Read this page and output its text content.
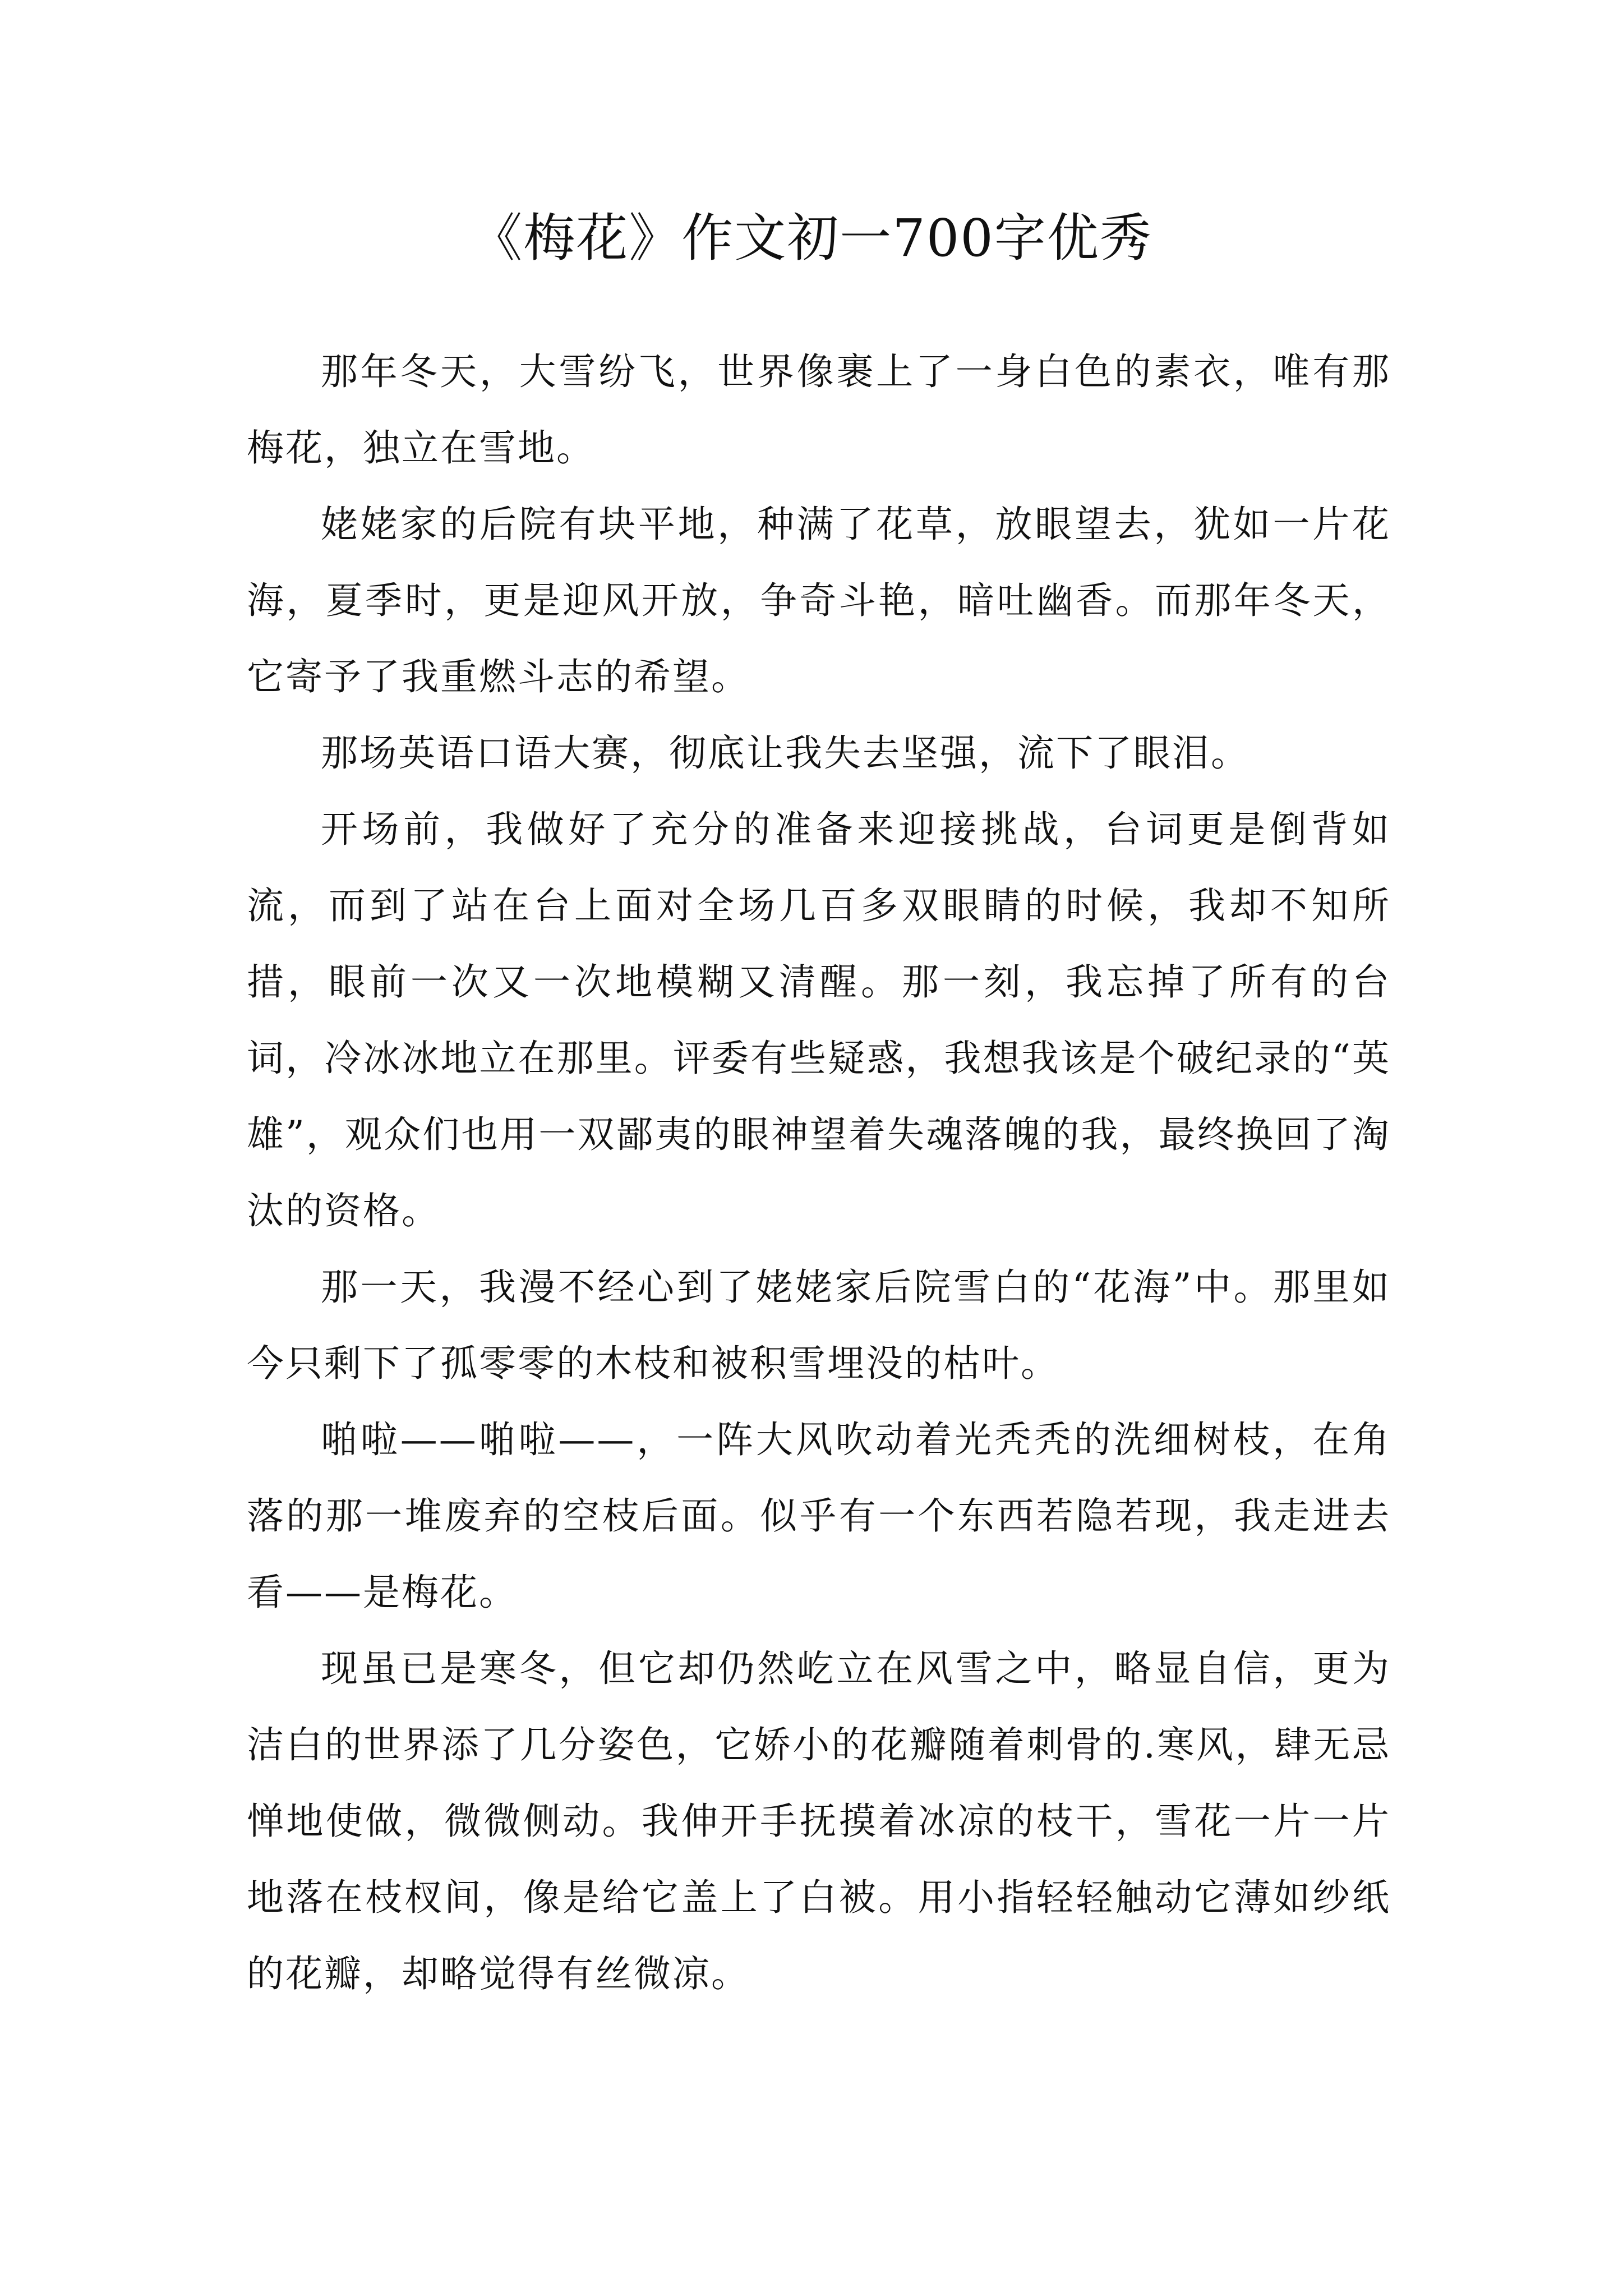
《梅花》作文初一700字优秀

那年冬天，大雪纷飞，世界像裹上了一身白色的素衣，唯有那梅花，独立在雪地。

姥姥家的后院有块平地，种满了花草，放眼望去，犹如一片花海，夏季时，更是迎风开放，争奇斗艳，暗吐幽香。而那年冬天，它寄予了我重燃斗志的希望。

那场英语口语大赛，彻底让我失去坚强，流下了眼泪。

开场前，我做好了充分的准备来迎接挑战，台词更是倒背如流，而到了站在台上面对全场几百多双眼睛的时候，我却不知所措，眼前一次又一次地模糊又清醒。那一刻，我忘掉了所有的台词，冷冰冰地立在那里。评委有些疑惑，我想我该是个破纪录的“英雄”，观众们也用一双鄙夷的眼神望着失魂落魄的我，最终换回了淘汰的资格。

那一天，我漫不经心到了姥姥家后院雪白的“花海”中。那里如今只剩下了孤零零的木枝和被积雪埋没的枯叶。

啪啦——啪啦——，一阵大风吹动着光秃秃的洗细树枝，在角落的那一堆废弃的空枝后面。似乎有一个东西若隐若现，我走进去看——是梅花。

现虽已是寒冬，但它却仍然屹立在风雪之中，略显自信，更为洁白的世界添了几分姿色，它娇小的花瓣随着刺骨的.寒风，肆无忌惮地使做，微微侧动。我伸开手抚摸着冰凉的枝干，雪花一片一片地落在枝杈间，像是给它盖上了白被。用小指轻轻触动它薄如纱纸的花瓣，却略觉得有丝微凉。
